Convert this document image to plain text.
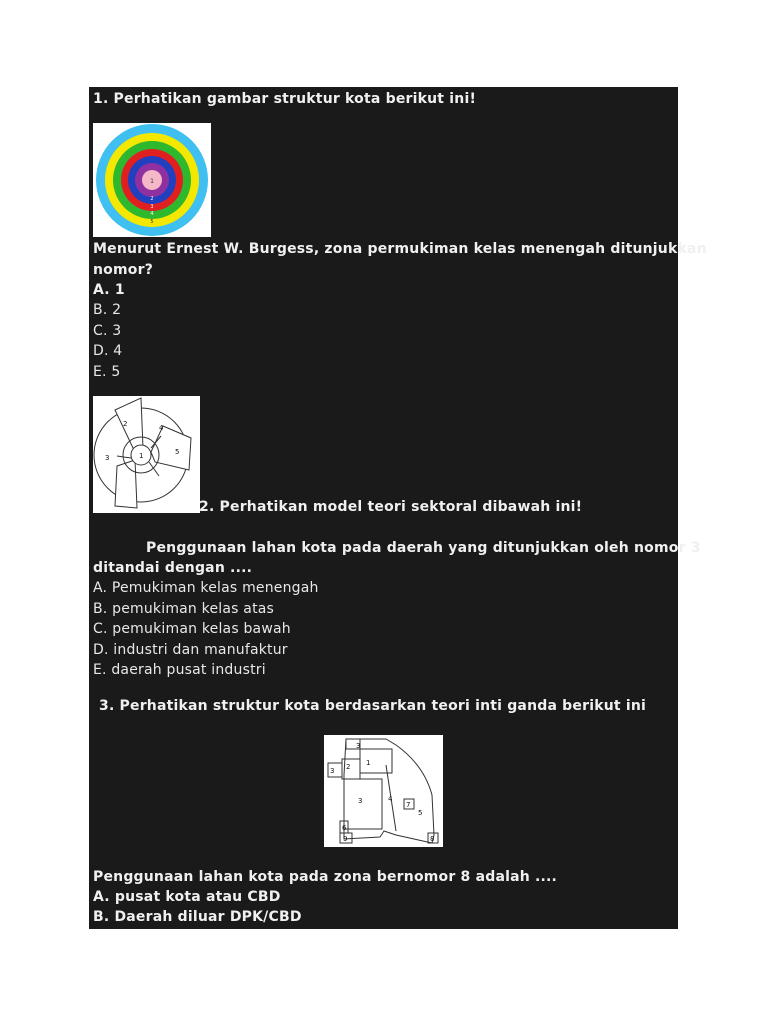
1. Perhatikan gambar struktur kota berikut ini!
1
2
3
4
5
Menurut Ernest W. Burgess, zona permukiman kelas menengah ditunjukkan
nomor?
A. 1
B. 2
C. 3
D. 4
E. 5
1
2
3
4
5
2. Perhatikan model teori sektoral dibawah ini!
Penggunaan lahan kota pada daerah yang ditunjukkan oleh nomor 3
ditandai dengan ....
A. Pemukiman kelas menengah
B. pemukiman kelas atas
C. pemukiman kelas bawah
D. industri dan manufaktur
E. daerah pusat industri
3. Perhatikan struktur kota berdasarkan teori inti ganda berikut ini
3
1
2
3
3	4
7
5
6
9	8
Penggunaan lahan kota pada zona bernomor 8 adalah ....
A. pusat kota atau CBD
B. Daerah diluar DPK/CBD
